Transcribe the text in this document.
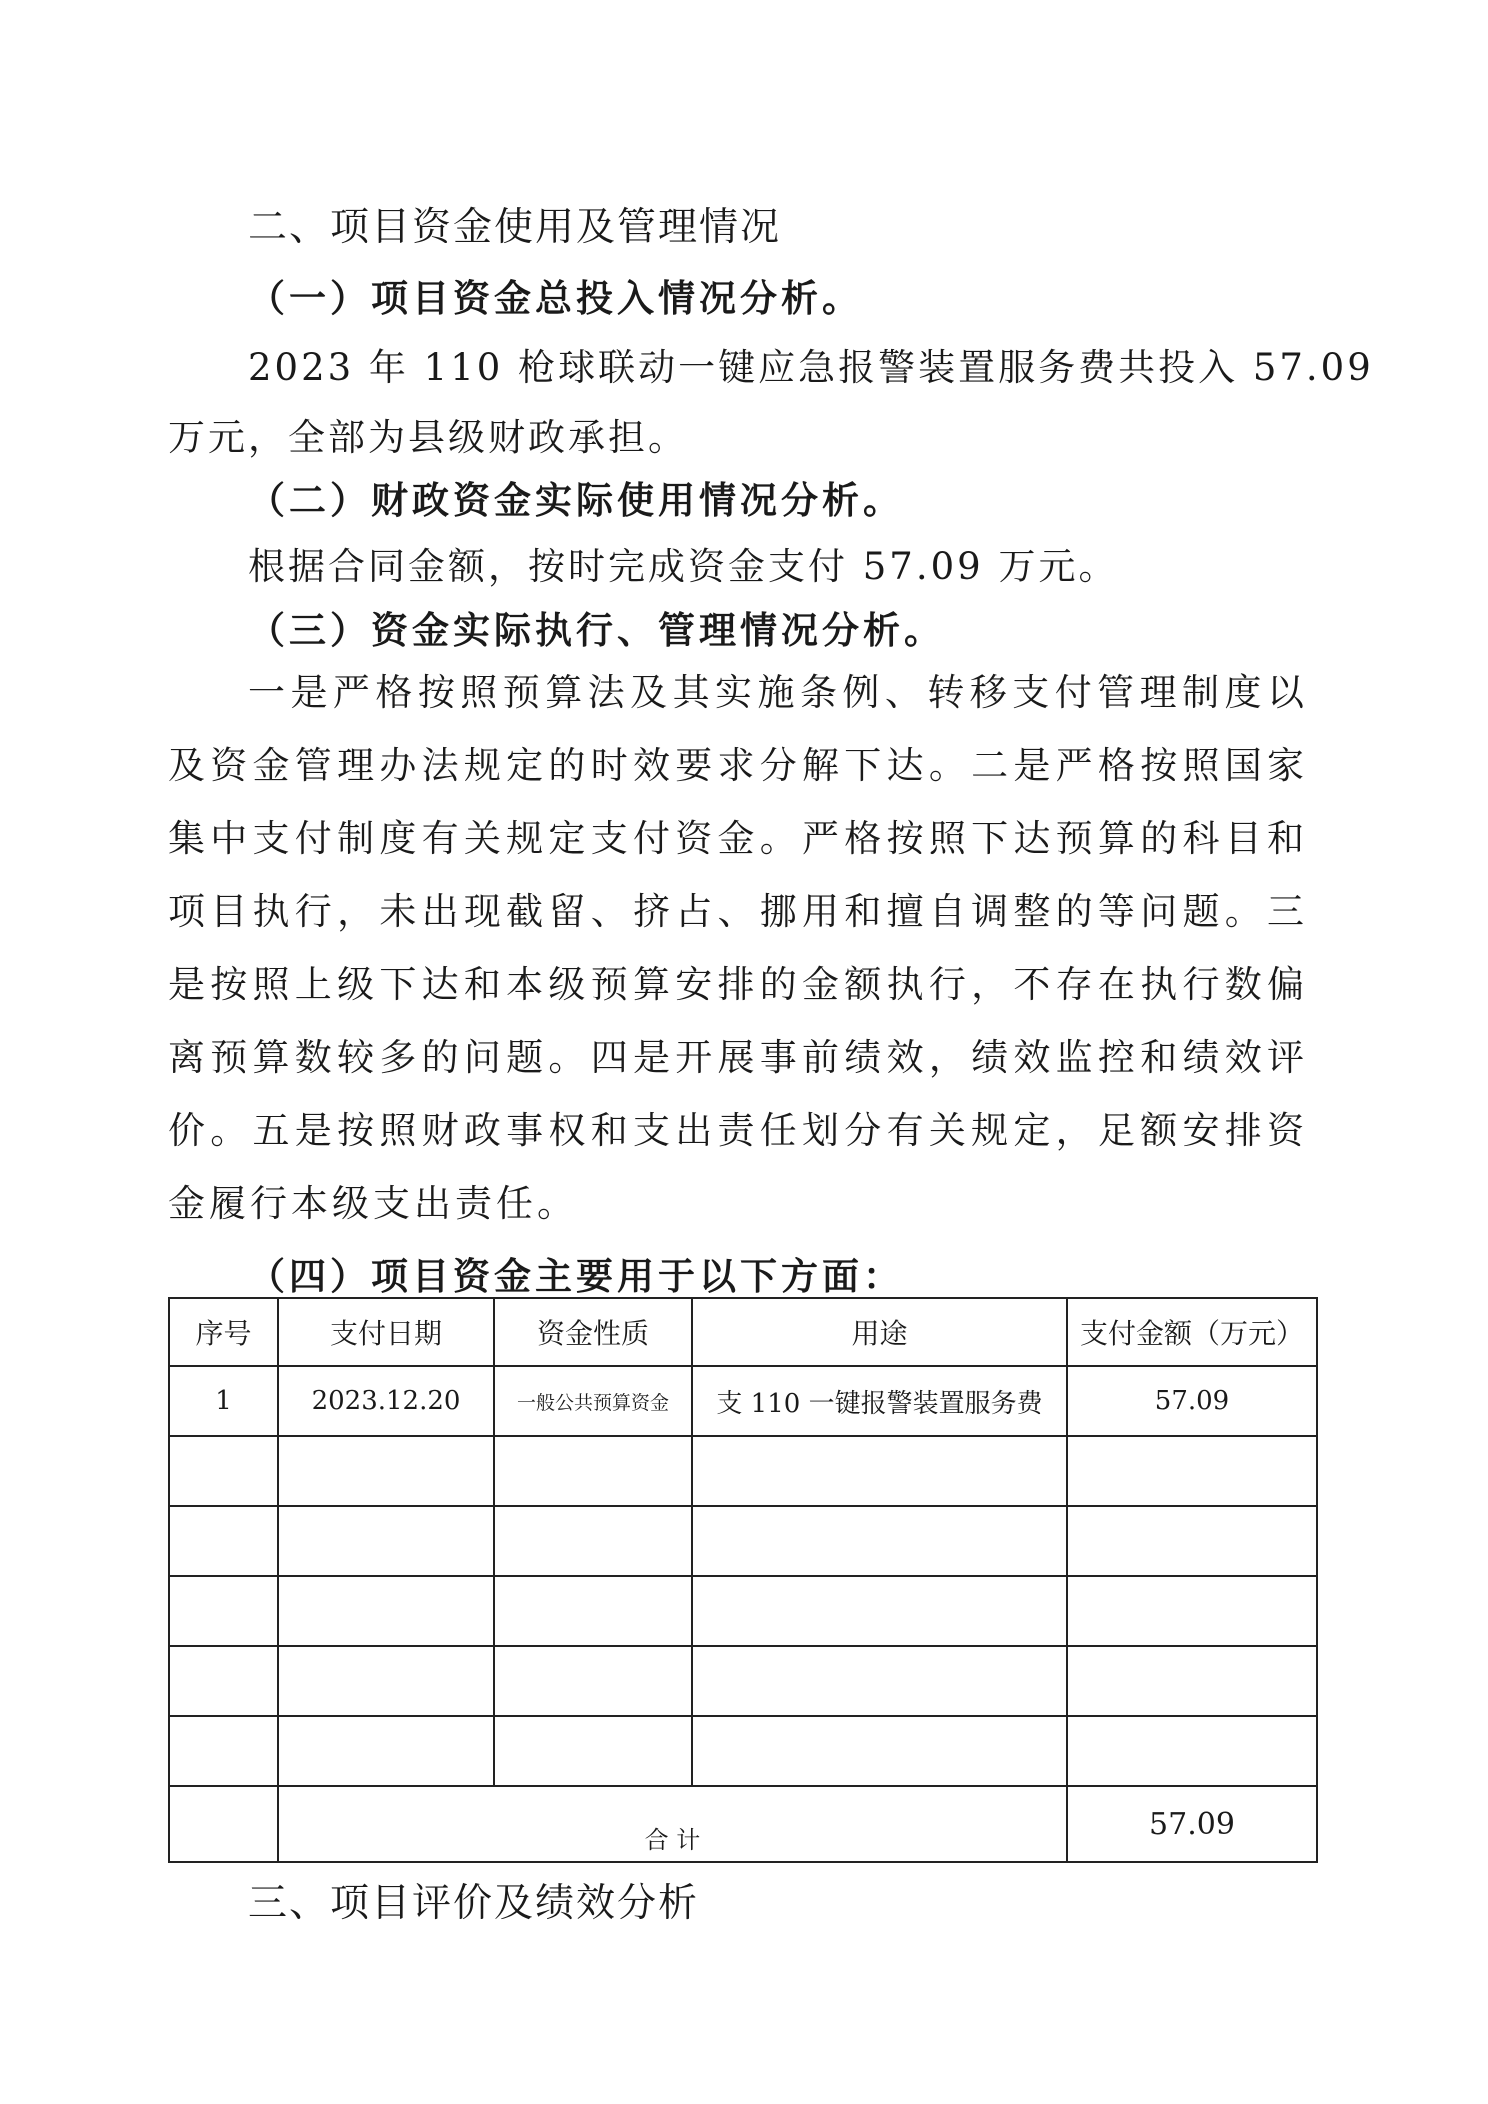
二、项目资金使用及管理情况
（一）项目资金总投入情况分析。
2023 年 110 枪球联动一键应急报警装置服务费共投入 57.09
万元，全部为县级财政承担。
（二）财政资金实际使用情况分析。
根据合同金额，按时完成资金支付 57.09 万元。
（三）资金实际执行、管理情况分析。
一是严格按照预算法及其实施条例、转移支付管理制度以及资金管理办法规定的时效要求分解下达。二是严格按照国家集中支付制度有关规定支付资金。严格按照下达预算的科目和项目执行，未出现截留、挤占、挪用和擅自调整的等问题。三是按照上级下达和本级预算安排的金额执行，不存在执行数偏离预算数较多的问题。四是开展事前绩效，绩效监控和绩效评价。五是按照财政事权和支出责任划分有关规定，足额安排资金履行本级支出责任。
（四）项目资金主要用于以下方面：
序号	支付日期	资金性质	用途	支付金额（万元）
1	2023.12.20	一般公共预算资金	支 110 一键报警装置服务费	57.09

	合 计			57.09
三、项目评价及绩效分析
